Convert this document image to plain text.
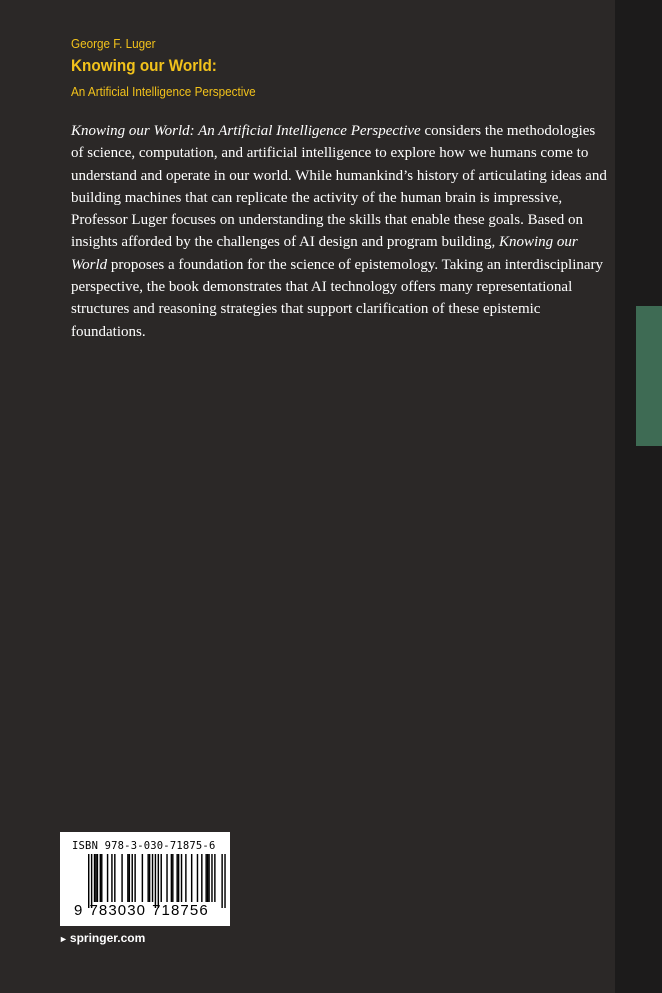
George F. Luger
Knowing our World:
An Artificial Intelligence Perspective

Knowing our World: An Artificial Intelligence Perspective considers the methodologies of science, computation, and artificial intelligence to explore how we humans come to understand and operate in our world. While humankind’s history of articulating ideas and building machines that can replicate the activity of the human brain is impressive, Professor Luger focuses on understanding the skills that enable these goals. Based on insights afforded by the challenges of AI design and program building, Knowing our World proposes a foundation for the science of epistemology. Taking an interdisciplinary perspective, the book demonstrates that AI technology offers many representational structures and reasoning strategies that support clarification of these epistemic foundations.

ISBN 978-3-030-71875-6
9 783030 718756
► springer.com
